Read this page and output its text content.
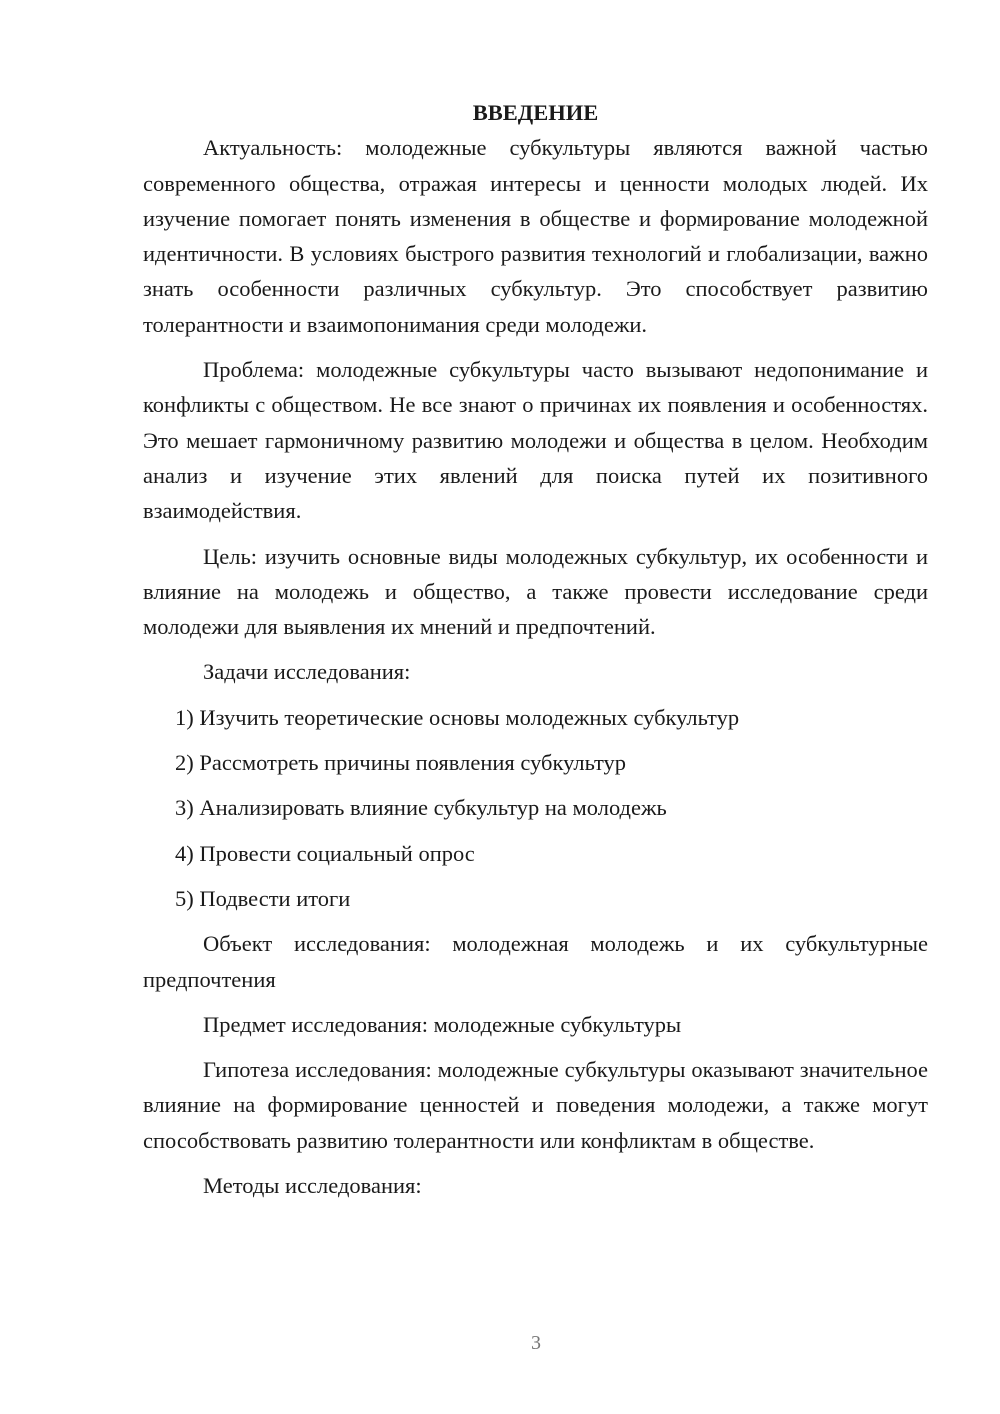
ВВЕДЕНИЕ

Актуальность: молодежные субкультуры являются важной частью современного общества, отражая интересы и ценности молодых людей. Их изучение помогает понять изменения в обществе и формирование молодежной идентичности. В условиях быстрого развития технологий и глобализации, важно знать особенности различных субкультур. Это способствует развитию толерантности и взаимопонимания среди молодежи.

Проблема: молодежные субкультуры часто вызывают недопонимание и конфликты с обществом. Не все знают о причинах их появления и особенностях. Это мешает гармоничному развитию молодежи и общества в целом. Необходим анализ и изучение этих явлений для поиска путей их позитивного взаимодействия.

Цель: изучить основные виды молодежных субкультур, их особенности и влияние на молодежь и общество, а также провести исследование среди молодежи для выявления их мнений и предпочтений.

Задачи исследования:

1) Изучить теоретические основы молодежных субкультур
2) Рассмотреть причины появления субкультур
3) Анализировать влияние субкультур на молодежь
4) Провести социальный опрос
5) Подвести итоги

Объект исследования: молодежная молодежь и их субкультурные предпочтения

Предмет исследования: молодежные субкультуры

Гипотеза исследования: молодежные субкультуры оказывают значительное влияние на формирование ценностей и поведения молодежи, а также могут способствовать развитию толерантности или конфликтам в обществе.

Методы исследования:

3
